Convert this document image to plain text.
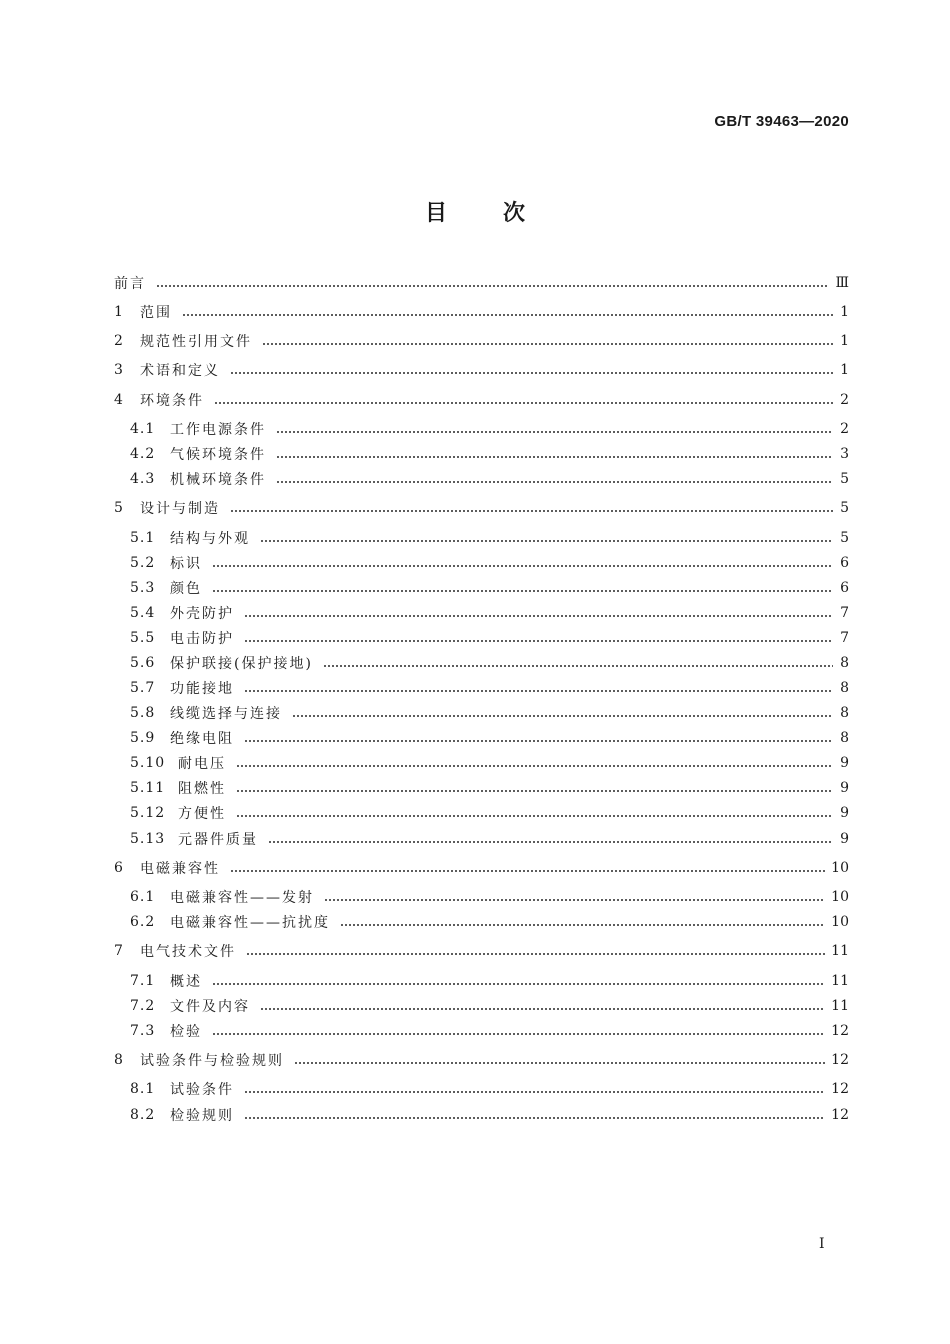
GB/T 39463—2020
目次
前言	Ⅲ
1	范围	1
2	规范性引用文件	1
3	术语和定义	1
4	环境条件	2
4.1	工作电源条件	2
4.2	气候环境条件	3
4.3	机械环境条件	5
5	设计与制造	5
5.1	结构与外观	5
5.2	标识	6
5.3	颜色	6
5.4	外壳防护	7
5.5	电击防护	7
5.6	保护联接(保护接地)	8
5.7	功能接地	8
5.8	线缆选择与连接	8
5.9	绝缘电阻	8
5.10 耐电压	9
5.11 阻燃性	9
5.12 方便性	9
5.13 元器件质量	9
6	电磁兼容性	10
6.1	电磁兼容性——发射	10
6.2	电磁兼容性——抗扰度	10
7	电气技术文件	11
7.1	概述	11
7.2	文件及内容	11
7.3	检验	12
8	试验条件与检验规则	12
8.1	试验条件	12
8.2	检验规则	12
I
